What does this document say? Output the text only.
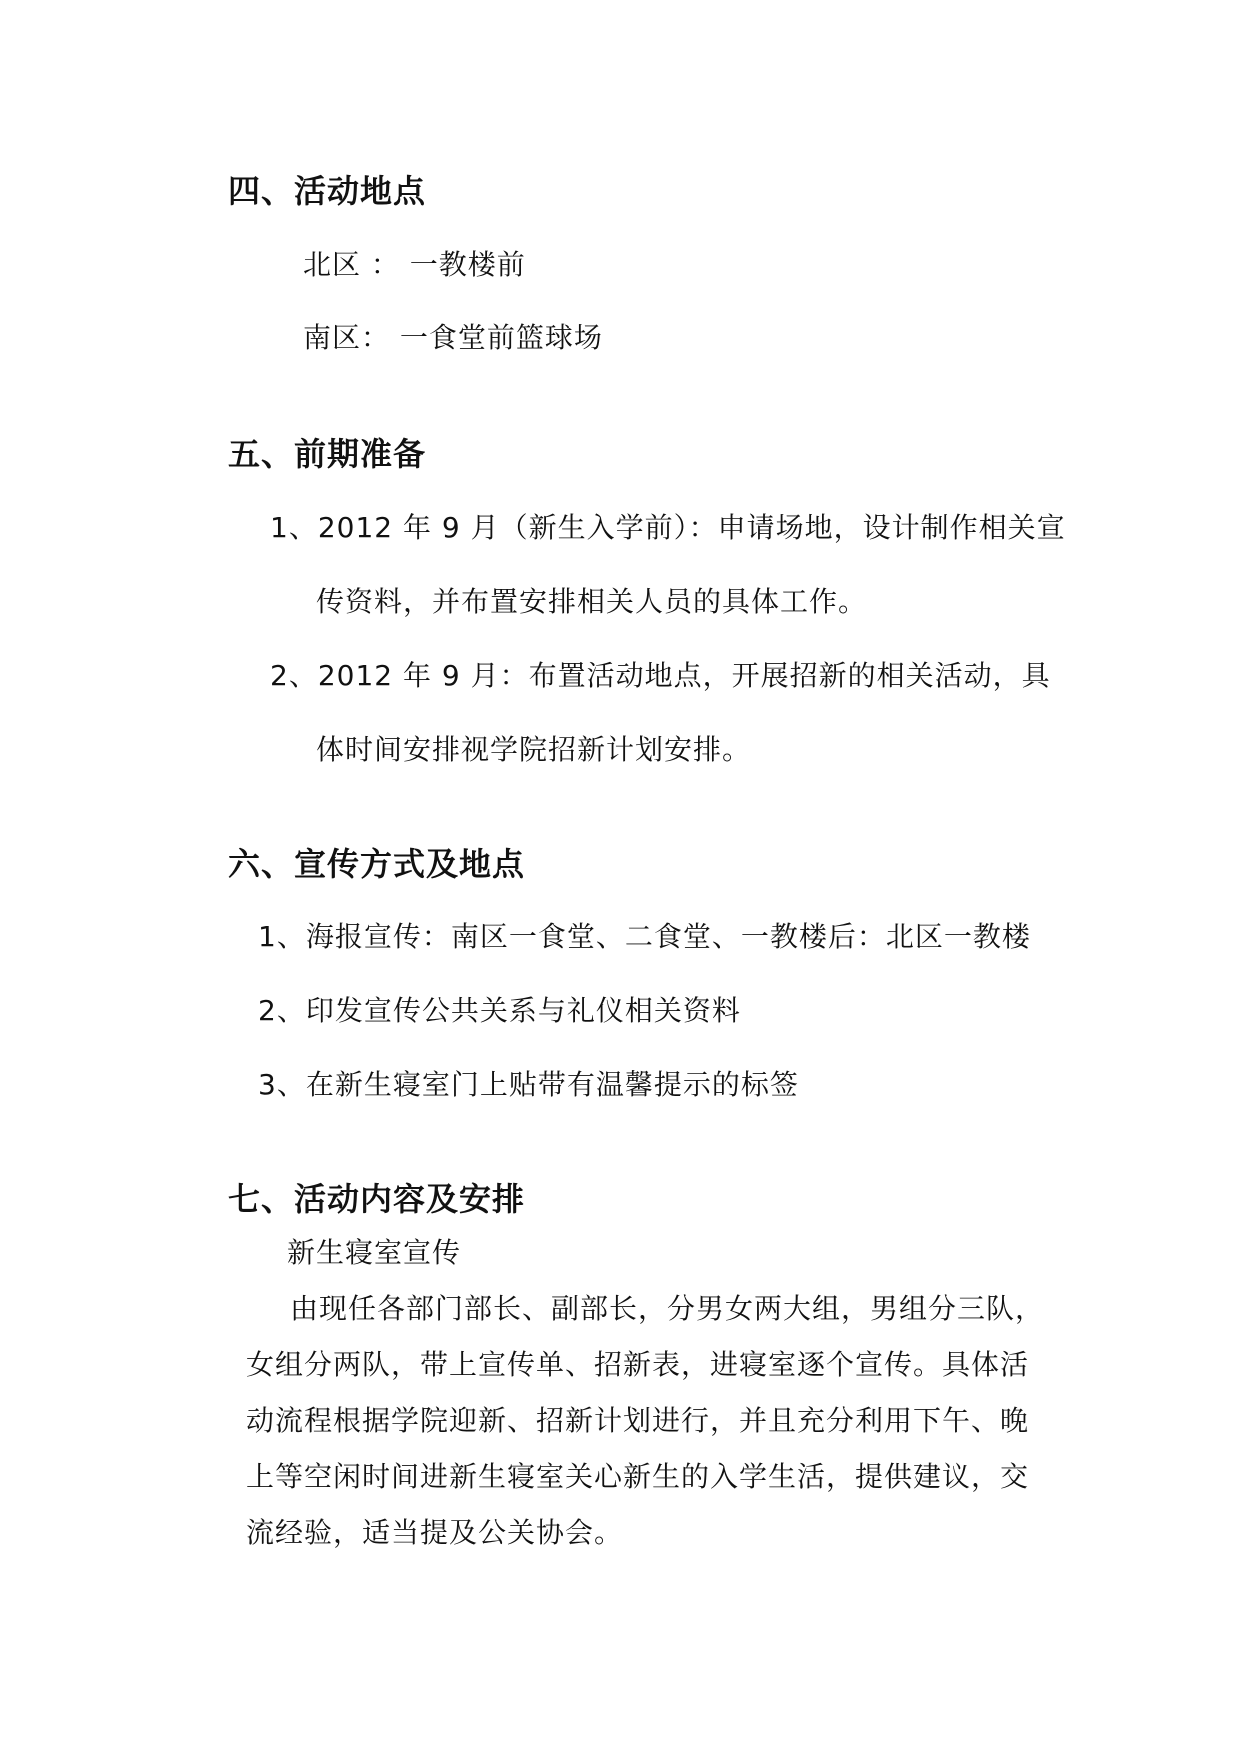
四、活动地点
北区 ： 一教楼前
南区： 一食堂前篮球场
五、前期准备
1、2012 年 9 月（新生入学前）：申请场地，设计制作相关宣
传资料，并布置安排相关人员的具体工作。
2、2012 年 9 月：布置活动地点，开展招新的相关活动，具
体时间安排视学院招新计划安排。
六、宣传方式及地点
1、海报宣传：南区一食堂、二食堂、一教楼后：北区一教楼
2、印发宣传公共关系与礼仪相关资料
3、在新生寝室门上贴带有温馨提示的标签
七、活动内容及安排
新生寝室宣传
由现任各部门部长、副部长，分男女两大组，男组分三队，
女组分两队，带上宣传单、招新表，进寝室逐个宣传。具体活
动流程根据学院迎新、招新计划进行，并且充分利用下午、晚
上等空闲时间进新生寝室关心新生的入学生活，提供建议，交
流经验，适当提及公关协会。
